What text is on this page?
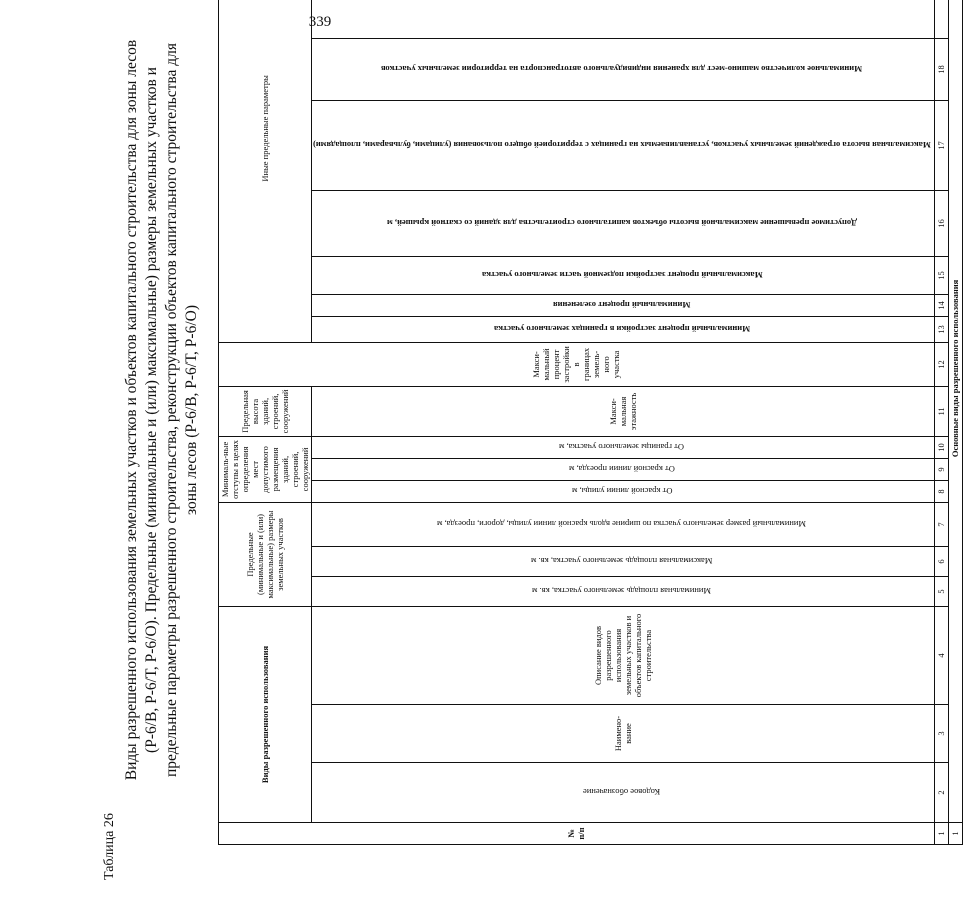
339
Таблица 26
Виды разрешенного использования земельных участков и объектов капитального строительства для зоны лесов (Р-6/В, Р-6/Т, Р-6/О). Предельные (минимальные и (или) максимальные) размеры земельных участков и предельные параметры разрешенного строительства, реконструкции объектов капитального строительства для зоны лесов (Р-6/В, Р-6/Т, Р-6/О)
№ п/п	Виды разрешенного использования			Предельные (минимальные и (или) максимальные) размеры земельных участков			Минималь-ные отступы в целях определения мест допустимого размещения зданий, строений, сооружений			Предельная высота зданий, строений, сооружений	Макси-мальный процент застройки в границах земель-ного участка	Иные предельные параметры						
	Кодовое обозначение	Наимено-вание	Описание видов разрешенного использования земельных участков и объектов капитального строительства	Минимальная площадь земельного участка, кв. м	Максимальная площадь земельного участка, кв. м	Минимальный размер земельного участка по ширине вдоль красной линии улицы, дороги, проезда, м	От красной линии улицы, м	От красной линии проезда, м	От границы земельного участка, м	Макси-мальная этажность		Минимальный процент застройки в границах земельного участка	Минимальный процент озеленения	Максимальный процент застройки подземной части земельного участка	Допустимое превышение максимальной высоты объектов капитального строительства для зданий со скатной крышей, м	Максимальная высота ограждений земельных участков, устанавливаемых на границах с территорией общего пользования (улицами, бульварами, площадями)	Минимальное количество машино-мест для хранения индивидуального автотранспорта на территории земельных участков	

1	2	3	4	5	6	7	8	9	10	11	12	13	14	15	16	17	18	
1	Основные виды разрешенного использования																	
